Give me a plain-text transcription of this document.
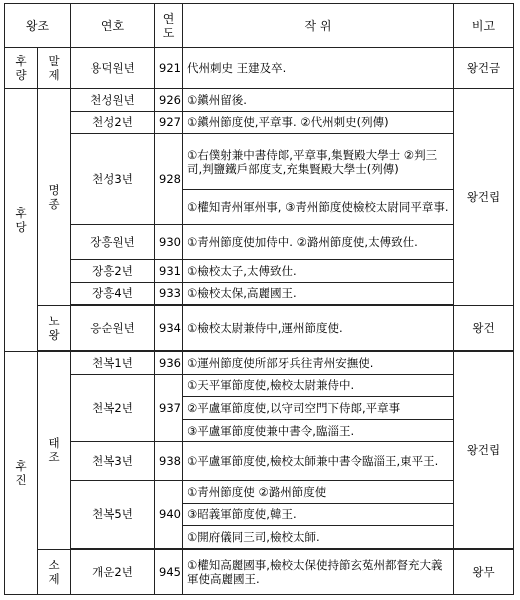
왕조		연호	연도	작 위	비고

후량	말제	용덕원년	921	代州刺史 王建及卒.	왕건금

후당	명종	천성원년	926	①鎭州留後.	왕건립
		천성2년	927	①鎭州節度使,平章事. ②代州刺史(列傳)	
		천성3년	928	①右僕射兼中書侍郞,平章事,集賢殿大學士 ②判三司,判鹽鐵戶部度支,充集賢殿大學士(列傳)	
				①權知靑州軍州事, ③靑州節度使檢校太尉同平章事.	
		장흥원년	930	①靑州節度使加侍中. ②潞州節度使,太傅致仕.	
		장흥2년	931	①檢校太子,太傅致仕.	
		장흥4년	933	①檢校太保,高麗國王.	

	노왕	응순원년	934	①檢校太尉兼侍中,運州節度使.	왕건

후진	태조	천복1년	936	①運州節度使所部牙兵往靑州安撫使.	왕건립
		천복2년	937	①天平軍節度使,檢校太尉兼侍中.	
				②平盧軍節度使,以守司空門下侍郞,平章事	
				③平盧軍節度使兼中書令,臨淄王.	
		천복3년	938	①平盧軍節度使,檢校太師兼中書令臨淄王,東平王.	
		천복5년	940	①靑州節度使 ②潞州節度使	
				③昭義軍節度使,韓王.	
				①開府儀同三司,檢校太師.	

	소제	개운2년	945	①權知高麗國事,檢校太保使持節玄菟州都督充大義軍使高麗國王.	왕무
